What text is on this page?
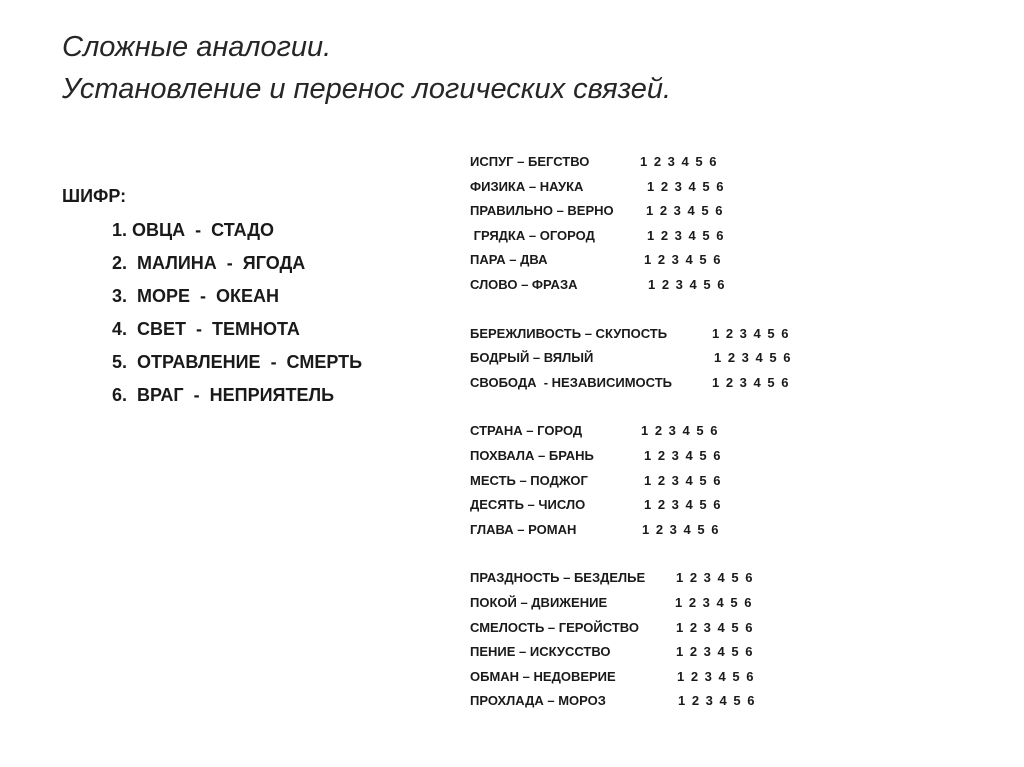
Сложные аналогии.
Установление и перенос логических связей.
ШИФР:
1. ОВЦА  -  СТАДО
2.  МАЛИНА  -  ЯГОДА
3.  МОРЕ  -  ОКЕАН
4.  СВЕТ  -  ТЕМНОТА
5.  ОТРАВЛЕНИЕ  -  СМЕРТЬ
6.  ВРАГ  -  НЕПРИЯТЕЛЬ
ИСПУГ – БЕГСТВО	1 2 3 4 5 6
ФИЗИКА – НАУКА	1 2 3 4 5 6
ПРАВИЛЬНО – ВЕРНО 1 2 3 4 5 6
ГРЯДКА – ОГОРОД	1 2 3 4 5 6
ПАРА – ДВА	1 2 3 4 5 6
СЛОВО – ФРАЗА	1 2 3 4 5 6
БЕРЕЖЛИВОСТЬ – СКУПОСТЬ	1 2 3 4 5 6
БОДРЫЙ – ВЯЛЫЙ	1 2 3 4 5 6
СВОБОДА  - НЕЗАВИСИМОСТЬ	1 2 3 4 5 6
СТРАНА – ГОРОД	1 2 3 4 5 6
ПОХВАЛА – БРАНЬ	1 2 3 4 5 6
МЕСТЬ – ПОДЖОГ	1 2 3 4 5 6
ДЕСЯТЬ – ЧИСЛО	1 2 3 4 5 6
ГЛАВА – РОМАН	1 2 3 4 5 6
ПРАЗДНОСТЬ – БЕЗДЕЛЬЕ 1 2 3 4 5 6
ПОКОЙ – ДВИЖЕНИЕ	1 2 3 4 5 6
СМЕЛОСТЬ – ГЕРОЙСТВО	1 2 3 4 5 6
ПЕНИЕ – ИСКУССТВО	1 2 3 4 5 6
ОБМАН – НЕДОВЕРИЕ	1 2 3 4 5 6
ПРОХЛАДА – МОРОЗ	1 2 3 4 5 6
